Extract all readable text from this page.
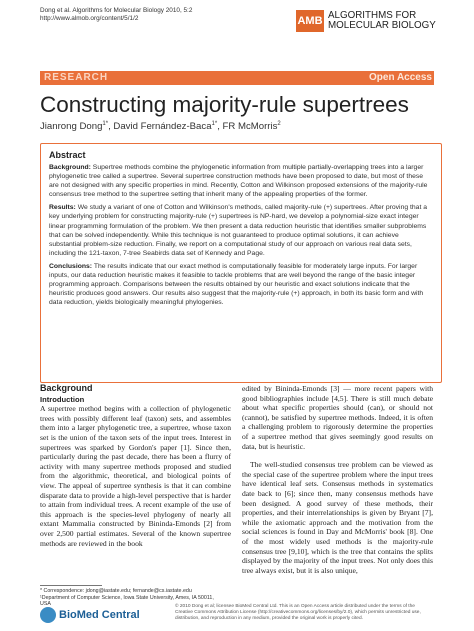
Dong et al. Algorithms for Molecular Biology 2010, 5:2
http://www.almob.org/content/5/1/2	AMB ALGORITHMS FOR
MOLECULAR BIOLOGY
RESEARCH	Open Access
Constructing majority-rule supertrees
Jianrong Dong$^{1*}$, David Fernández-Baca$^{1*}$, FR McMorris$^2$
Abstract

Background: Supertree methods combine the phylogenetic information from multiple partially-overlapping trees into a larger phylogenetic tree called a supertree. Several supertree construction methods have been proposed to date, but most of these are not designed with any specific properties in mind. Recently, Cotton and Wilkinson proposed extensions of the majority-rule consensus tree method to the supertree setting that inherit many of the appealing properties of the former.

Results: We study a variant of one of Cotton and Wilkinson's methods, called majority-rule (+) supertrees. After proving that a key underlying problem for constructing majority-rule (+) supertrees is NP-hard, we develop a polynomial-size exact integer linear programming formulation of the problem. We then present a data reduction heuristic that identifies smaller subproblems that can be solved independently. While this technique is not guaranteed to produce optimal solutions, it can achieve substantial problem-size reduction. Finally, we report on a computational study of our approach on various real data sets, including the 121-taxon, 7-tree Seabirds data set of Kennedy and Page.

Conclusions: The results indicate that our exact method is computationally feasible for moderately large inputs. For larger inputs, our data reduction heuristic makes it feasible to tackle problems that are well beyond the range of the basic integer programming approach. Comparisons between the results obtained by our heuristic and exact solutions indicate that the heuristic produces good answers. Our results also suggest that the majority-rule (+) approach, in both its basic form and with data reduction, yields biologically meaningful phylogenies.

Background
Introduction

A supertree method begins with a collection of phylogenetic trees with possibly different leaf (taxon) sets, and assembles them into a larger phylogenetic tree, a supertree, whose taxon set is the union of the taxon sets of the input trees. Interest in supertrees was sparked by Gordon's paper [1]. Since then, particularly during the past decade, there has been a flurry of activity with many supertree methods proposed and studied from the algorithmic, theoretical, and biological points of view. The appeal of supertree synthesis is that it can combine disparate data to provide a high-level perspective that is harder to attain from individual trees. A recent example of the use of this approach is the species-level phylogeny of nearly all extant Mammalia constructed by Bininda-Emonds [2] from over 2,500 partial estimates. Several of the known supertree methods are reviewed in the book

edited by Bininda-Emonds [3] — more recent papers with good bibliographies include [4,5]. There is still much debate about what specific properties should (can), or should not (cannot), be satisfied by supertree methods. Indeed, it is often a challenging problem to rigorously determine the properties of a supertree method that gives seemingly good results on data, but is heuristic.

The well-studied consensus tree problem can be viewed as the special case of the supertree problem where the input trees have identical leaf sets. Consensus methods in systematics date back to [6]; since then, many consensus methods have been designed. A good survey of these methods, their properties, and their interrelationships is given by Bryant [7], while the axiomatic approach and the motivation from the social sciences is found in Day and McMorris' book [8]. One of the most widely used methods is the majority-rule consensus tree [9,10], which is the tree that contains the splits displayed by the majority of the input trees. Not only does this tree always exist, but it is also unique,

* Correspondence: jdong@iastate.edu; fernande@cs.iastate.edu
¹Department of Computer Science, Iowa State University, Ames, IA 50011,
USA
BioMed Central
© 2010 Dong et al; licensee BioMed Central Ltd. This is an Open Access article distributed under the terms of the Creative Commons Attribution License (http://creativecommons.org/licenses/by/2.0), which permits unrestricted use, distribution, and reproduction in any medium, provided the original work is properly cited.
